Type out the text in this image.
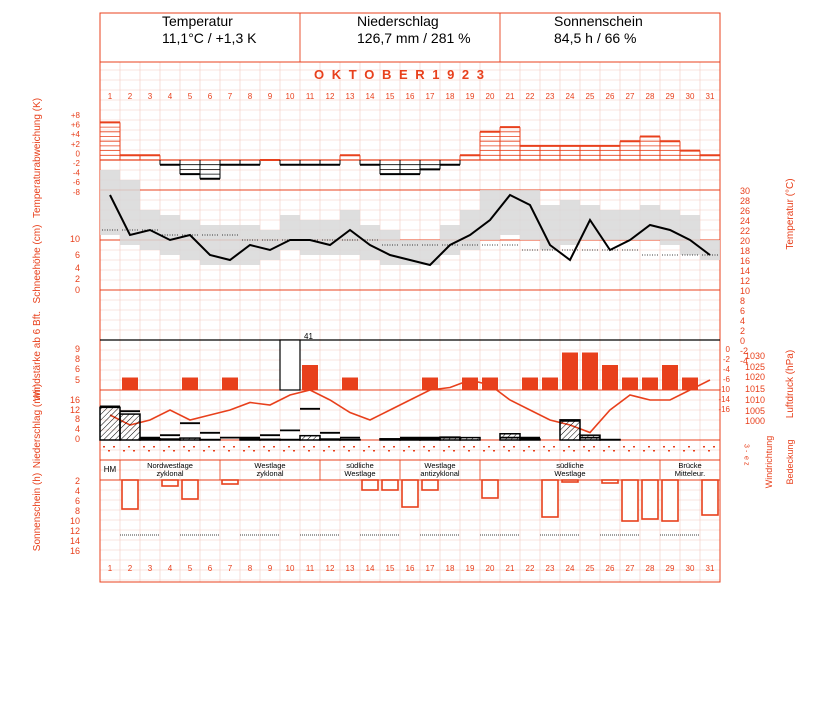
Temperatur
11,1°C / +1,3 K
Niederschlag
126,7 mm / 281 %
Sonnenschein
84,5 h / 66 %
O K T O B E R 1 9 2 3
1
1
2
2
3
3
4
4
5
5
6
6
7
7
8
8
9
9
10
10
11
11
12
12
13
13
14
14
15
15
16
16
17
17
18
18
19
19
20
20
21
21
22
22
23
23
24
24
25
25
26
26
27
27
28
28
29
29
30
30
31
31
+8
+6
+4
+2
0
-2
-4
-6
-8	30
28
26
24
22
20
18
16
14
12
10
8
6
4
2
0
-2
-4
10
6
4
2
0
9
8
6
5
41
1030
1025
1020
1015
1010
1005
1000
0
-2
-4
-6
-10
-14
-16
16
12
8
4
0
z
e
-
3
HM	Nordwestlage
zyklonal
Westlage
zyklonal
südliche
Westlage
Westlage
antizyklonal
südliche
Westlage
Brücke
Mitteleur.
2
4
6
8
10
12
14
16
Temperaturabweichung (K)
Schneehöhe (cm)
Windstärke ab 6 Bft.
Niederschlag (mm)
Sonnenschein (h)
Temperatur (°C)
Luftdruck (hPa)
Windrichtung Bedeckung
